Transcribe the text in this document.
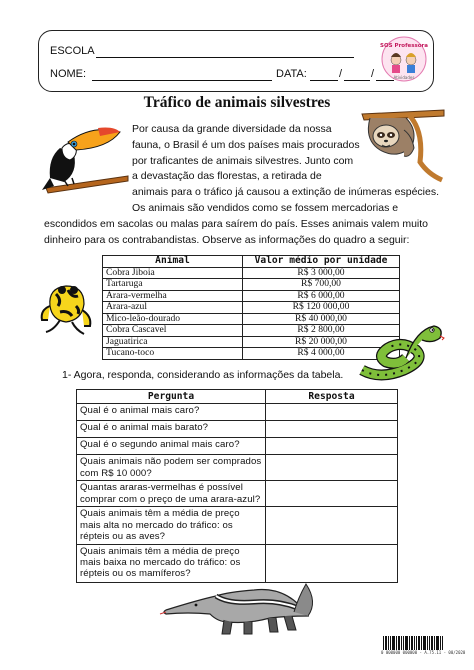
ESCOLA
NOME:	DATA:	/	/
SOS Professora
Atividades
Tráfico de animais silvestres
Por causa da grande diversidade da nossa
fauna, o Brasil é um dos países mais procurados
por traficantes de animais silvestres. Junto com
a devastação das florestas, a retirada de
animais para o tráfico já causou a extinção de inúmeras espécies.
Os animais são vendidos como se fossem mercadorias e
escondidos em sacolas ou malas para saírem do país. Esses animais valem muito
dinheiro para os contrabandistas. Observe as informações do quadro a seguir:
Animal	Valor médio por unidade
Cobra Jiboia	R$ 3 000,00
Tartaruga	R$ 700,00
Arara-vermelha	R$ 6 000,00
Arara-azul	R$ 120 000,00
Mico-leão-dourado	R$ 40 000,00
Cobra Cascavel	R$ 2 800,00
Jaguatirica	R$ 20 000,00
Tucano-toco	R$ 4 000,00
1- Agora, responda, considerando as informações da tabela.
Pergunta	Resposta
Qual é o animal mais caro?	
Qual é o animal mais barato?	
Qual é o segundo animal mais caro?	
Quais animais não podem ser comprados com R$ 10 000?	
Quantas araras-vermelhas é possível comprar com o preço de uma arara-azul?	
Quais animais têm a média de preço mais alta no mercado do tráfico: os répteis ou as aves?	
Quais animais têm a média de preço mais baixa no mercado do tráfico: os répteis ou os mamíferos?	
0 000000 000000 - A.75.11 - 00/2020
